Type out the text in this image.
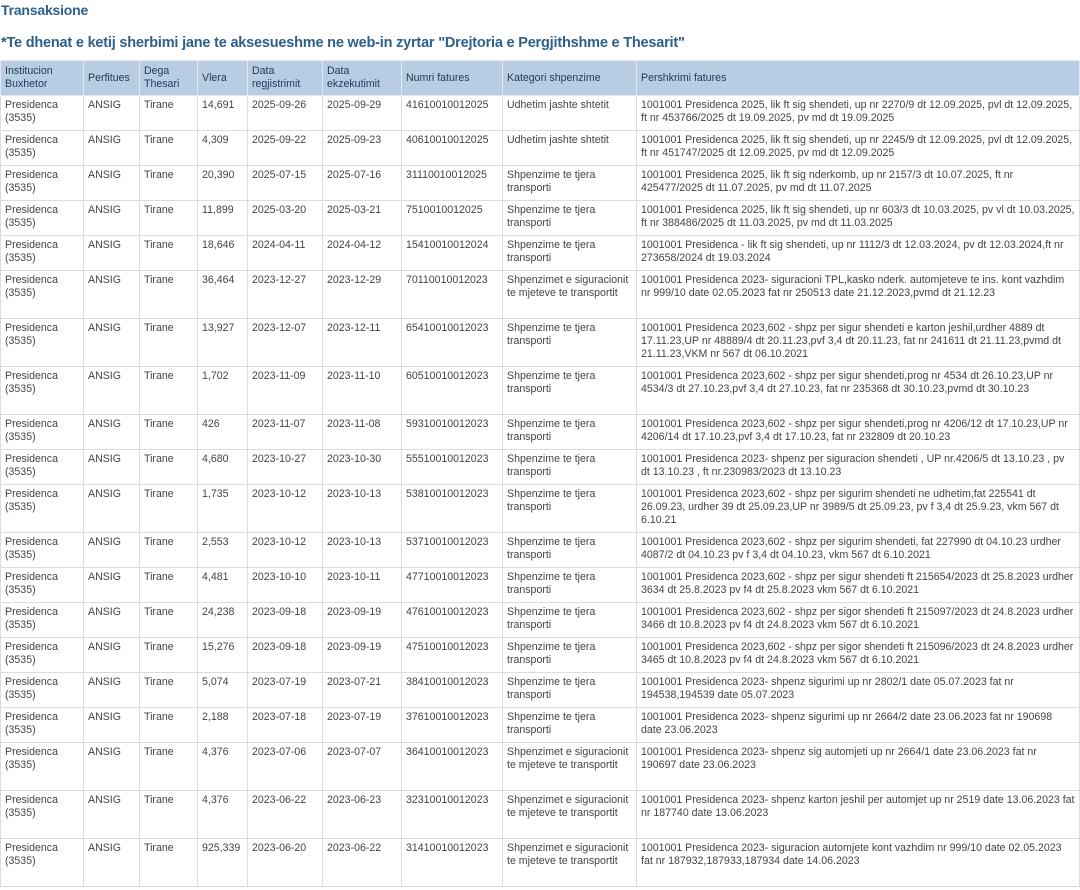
Transaksione
*Te dhenat e ketij sherbimi jane te aksesueshme ne web-in zyrtar "Drejtoria e Pergjithshme e Thesarit"
Institucion Buxhetor	Perfitues	Dega Thesari	Vlera	Data regjistrimit	Data ekzekutimit	Numri fatures	Kategori shpenzime	Pershkrimi fatures
Presidenca (3535)	ANSIG	Tirane	14,691	2025-09-26	2025-09-29	41610010012025	Udhetim jashte shtetit	1001001 Presidenca 2025, lik ft sig shendeti, up nr 2270/9 dt 12.09.2025, pvl dt 12.09.2025, ft nr 453766/2025 dt 19.09.2025, pv md dt 19.09.2025
Presidenca (3535)	ANSIG	Tirane	4,309	2025-09-22	2025-09-23	40610010012025	Udhetim jashte shtetit	1001001 Presidenca 2025, lik ft sig shendeti, up nr 2245/9 dt 12.09.2025, pvl dt 12.09.2025, ft nr 451747/2025 dt 12.09.2025, pv md dt 12.09.2025
Presidenca (3535)	ANSIG	Tirane	20,390	2025-07-15	2025-07-16	31110010012025	Shpenzime te tjera transporti	1001001 Presidenca 2025, lik ft sig nderkomb, up nr 2157/3 dt 10.07.2025, ft nr 425477/2025 dt 11.07.2025, pv md dt 11.07.2025
Presidenca (3535)	ANSIG	Tirane	11,899	2025-03-20	2025-03-21	7510010012025	Shpenzime te tjera transporti	1001001 Presidenca 2025, lik ft sig shendeti, up nr 603/3 dt 10.03.2025, pv vl dt 10.03.2025, ft nr 388486/2025 dt 11.03.2025, pv md dt 11.03.2025
Presidenca (3535)	ANSIG	Tirane	18,646	2024-04-11	2024-04-12	15410010012024	Shpenzime te tjera transporti	1001001 Presidenca - lik ft sig shendeti, up nr 1112/3 dt 12.03.2024, pv dt 12.03.2024,ft nr 273658/2024 dt 19.03.2024
Presidenca (3535)	ANSIG	Tirane	36,464	2023-12-27	2023-12-29	70110010012023	Shpenzimet e siguracionit te mjeteve te transportit	1001001 Presidenca 2023- siguracioni TPL,kasko nderk. automjeteve te ins. kont vazhdim nr 999/10 date 02.05.2023 fat nr 250513 date 21.12.2023,pvmd dt 21.12.23
Presidenca (3535)	ANSIG	Tirane	13,927	2023-12-07	2023-12-11	65410010012023	Shpenzime te tjera transporti	1001001 Presidenca 2023,602 - shpz per sigur shendeti e karton jeshil,urdher 4889 dt 17.11.23,UP nr 48889/4 dt 20.11.23,pvf 3,4 dt 20.11.23, fat nr 241611 dt 21.11.23,pvmd dt 21.11.23,VKM nr 567 dt 06.10.2021
Presidenca (3535)	ANSIG	Tirane	1,702	2023-11-09	2023-11-10	60510010012023	Shpenzime te tjera transporti	1001001 Presidenca 2023,602 - shpz per sigur shendeti,prog nr 4534 dt 26.10.23,UP nr 4534/3 dt 27.10.23,pvf 3,4 dt 27.10.23, fat nr 235368 dt 30.10.23,pvmd dt 30.10.23
Presidenca (3535)	ANSIG	Tirane	426	2023-11-07	2023-11-08	59310010012023	Shpenzime te tjera transporti	1001001 Presidenca 2023,602 - shpz per sigur shendeti,prog nr 4206/12 dt 17.10.23,UP nr 4206/14 dt 17.10.23,pvf 3,4 dt 17.10.23, fat nr 232809 dt 20.10.23
Presidenca (3535)	ANSIG	Tirane	4,680	2023-10-27	2023-10-30	55510010012023	Shpenzime te tjera transporti	1001001 Presidenca 2023- shpenz per siguracion shendeti , UP nr.4206/5 dt 13.10.23 , pv dt 13.10.23 , ft nr.230983/2023 dt 13.10.23
Presidenca (3535)	ANSIG	Tirane	1,735	2023-10-12	2023-10-13	53810010012023	Shpenzime te tjera transporti	1001001 Presidenca 2023,602 - shpz per sigurim shendeti ne udhetim,fat 225541 dt 26.09.23, urdher 39 dt 25.09.23,UP nr 3989/5 dt 25.09.23, pv f 3,4 dt 25.9.23, vkm 567 dt 6.10.21
Presidenca (3535)	ANSIG	Tirane	2,553	2023-10-12	2023-10-13	53710010012023	Shpenzime te tjera transporti	1001001 Presidenca 2023,602 - shpz per sigurim shendeti, fat 227990 dt 04.10.23 urdher 4087/2 dt 04.10.23 pv f 3,4 dt 04.10.23, vkm 567 dt 6.10.2021
Presidenca (3535)	ANSIG	Tirane	4,481	2023-10-10	2023-10-11	47710010012023	Shpenzime te tjera transporti	1001001 Presidenca 2023,602 - shpz per sigur shendeti ft 215654/2023 dt 25.8.2023 urdher 3634 dt 25.8.2023 pv f4 dt 25.8.2023 vkm 567 dt 6.10.2021
Presidenca (3535)	ANSIG	Tirane	24,238	2023-09-18	2023-09-19	47610010012023	Shpenzime te tjera transporti	1001001 Presidenca 2023,602 - shpz per sigor shendeti ft 215097/2023 dt 24.8.2023 urdher 3466 dt 10.8.2023 pv f4 dt 24.8.2023 vkm 567 dt 6.10.2021
Presidenca (3535)	ANSIG	Tirane	15,276	2023-09-18	2023-09-19	47510010012023	Shpenzime te tjera transporti	1001001 Presidenca 2023,602 - shpz per sigor shendeti ft 215096/2023 dt 24.8.2023 urdher 3465 dt 10.8.2023 pv f4 dt 24.8.2023 vkm 567 dt 6.10.2021
Presidenca (3535)	ANSIG	Tirane	5,074	2023-07-19	2023-07-21	38410010012023	Shpenzime te tjera transporti	1001001 Presidenca 2023- shpenz sigurimi up nr 2802/1 date 05.07.2023 fat nr 194538,194539 date 05.07.2023
Presidenca (3535)	ANSIG	Tirane	2,188	2023-07-18	2023-07-19	37610010012023	Shpenzime te tjera transporti	1001001 Presidenca 2023- shpenz sigurimi up nr 2664/2 date 23.06.2023 fat nr 190698 date 23.06.2023
Presidenca (3535)	ANSIG	Tirane	4,376	2023-07-06	2023-07-07	36410010012023	Shpenzimet e siguracionit te mjeteve te transportit	1001001 Presidenca 2023- shpenz sig automjeti up nr 2664/1 date 23.06.2023 fat nr 190697 date 23.06.2023
Presidenca (3535)	ANSIG	Tirane	4,376	2023-06-22	2023-06-23	32310010012023	Shpenzimet e siguracionit te mjeteve te transportit	1001001 Presidenca 2023- shpenz karton jeshil per automjet up nr 2519 date 13.06.2023 fat nr 187740 date 13.06.2023
Presidenca (3535)	ANSIG	Tirane	925,339	2023-06-20	2023-06-22	31410010012023	Shpenzimet e siguracionit te mjeteve te transportit	1001001 Presidenca 2023- siguracion automjete kont vazhdim nr 999/10 date 02.05.2023 fat nr 187932,187933,187934 date 14.06.2023
